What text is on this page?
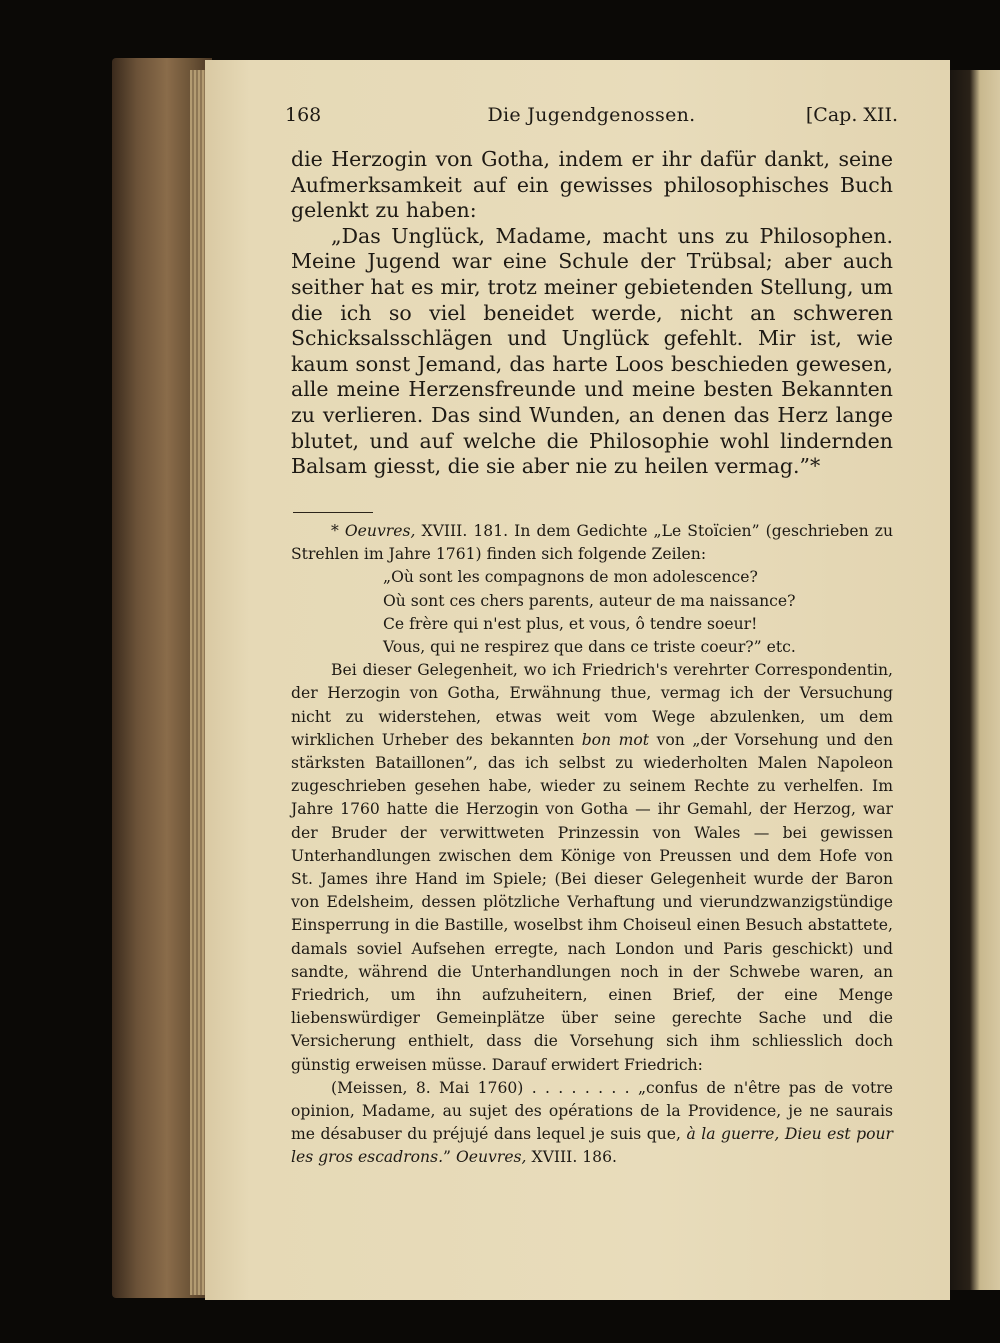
168	Die Jugendgenossen.	[Cap. XII.

die Herzogin von Gotha, indem er ihr dafür dankt, seine Aufmerksamkeit auf ein gewisses philosophisches Buch gelenkt zu haben:

„Das Unglück, Madame, macht uns zu Philosophen. Meine Jugend war eine Schule der Trübsal; aber auch seither hat es mir, trotz meiner gebietenden Stellung, um die ich so viel beneidet werde, nicht an schweren Schicksalsschlägen und Unglück gefehlt. Mir ist, wie kaum sonst Jemand, das harte Loos beschieden gewesen, alle meine Herzensfreunde und meine besten Bekannten zu verlieren. Das sind Wunden, an denen das Herz lange blutet, und auf welche die Philosophie wohl lindernden Balsam giesst, die sie aber nie zu heilen vermag.”*

* Oeuvres, XVIII. 181. In dem Gedichte „Le Stoïcien” (geschrieben zu Strehlen im Jahre 1761) finden sich folgende Zeilen:

„Où sont les compagnons de mon adolescence?
Où sont ces chers parents, auteur de ma naissance?
Ce frère qui n'est plus, et vous, ô tendre soeur!
Vous, qui ne respirez que dans ce triste coeur?” etc.

Bei dieser Gelegenheit, wo ich Friedrich's verehrter Correspondentin, der Herzogin von Gotha, Erwähnung thue, vermag ich der Versuchung nicht zu widerstehen, etwas weit vom Wege abzulenken, um dem wirklichen Urheber des bekannten bon mot von „der Vorsehung und den stärksten Bataillonen”, das ich selbst zu wiederholten Malen Napoleon zugeschrieben gesehen habe, wieder zu seinem Rechte zu verhelfen. Im Jahre 1760 hatte die Herzogin von Gotha — ihr Gemahl, der Herzog, war der Bruder der verwittweten Prinzessin von Wales — bei gewissen Unterhandlungen zwischen dem Könige von Preussen und dem Hofe von St. James ihre Hand im Spiele; (Bei dieser Gelegenheit wurde der Baron von Edelsheim, dessen plötzliche Verhaftung und vierundzwanzigstündige Einsperrung in die Bastille, woselbst ihm Choiseul einen Besuch abstattete, damals soviel Aufsehen erregte, nach London und Paris geschickt) und sandte, während die Unterhandlungen noch in der Schwebe waren, an Friedrich, um ihn aufzuheitern, einen Brief, der eine Menge liebenswürdiger Gemeinplätze über seine gerechte Sache und die Versicherung enthielt, dass die Vorsehung sich ihm schliesslich doch günstig erweisen müsse. Darauf erwidert Friedrich:

(Meissen, 8. Mai 1760) . . . . . . . . „confus de n'être pas de votre opinion, Madame, au sujet des opérations de la Providence, je ne saurais me désabuser du préjujé dans lequel je suis que, à la guerre, Dieu est pour les gros escadrons.” Oeuvres, XVIII. 186.
